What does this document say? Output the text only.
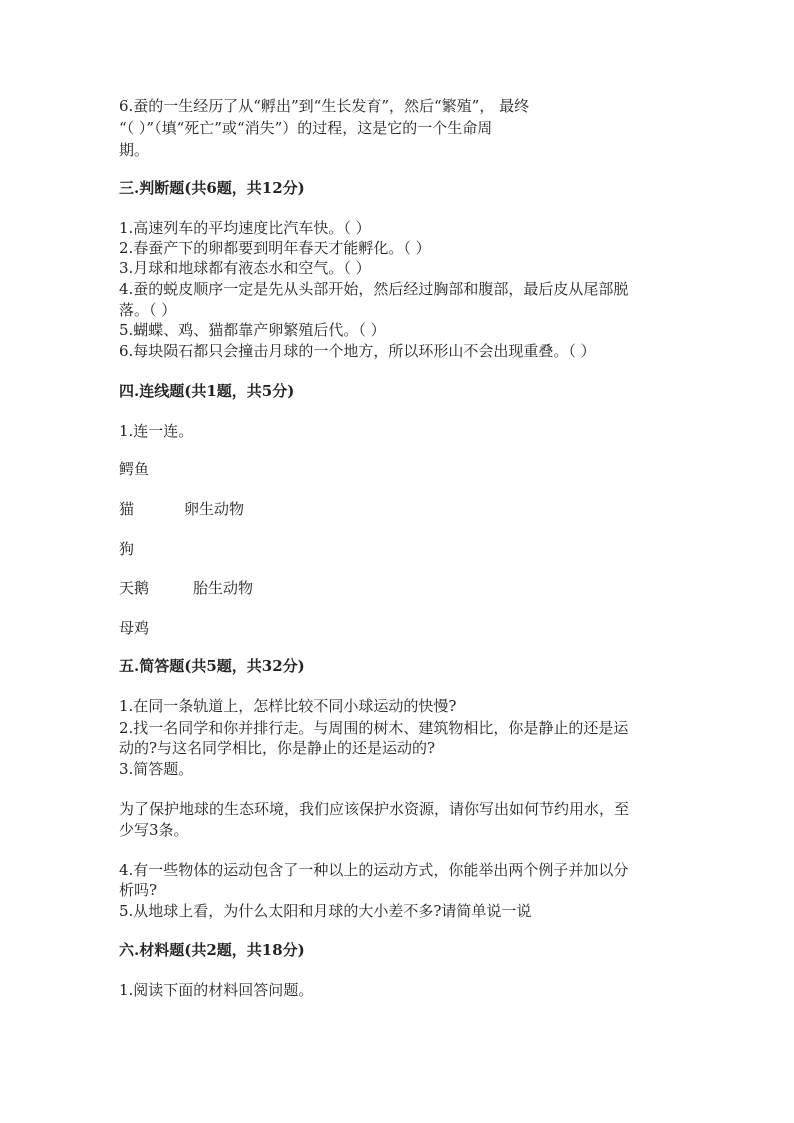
6.蚕的一生经历了从“孵出”到“生长发育”，然后“繁殖”， 最终
“（ ）”（填“死亡”或“消失”）的过程，这是它的一个生命周
期。
三.判断题(共6题，共12分)
1.高速列车的平均速度比汽车快。（ ）
2.春蚕产下的卵都要到明年春天才能孵化。（ ）
3.月球和地球都有液态水和空气。（ ）
4.蚕的蜕皮顺序一定是先从头部开始，然后经过胸部和腹部，最后皮从尾部脱
落。（ ）
5.蝴蝶、鸡、猫都靠产卵繁殖后代。（ ）
6.每块陨石都只会撞击月球的一个地方，所以环形山不会出现重叠。（ ）
四.连线题(共1题，共5分)
1.连一连。
鳄鱼
猫	卵生动物
狗
天鹅	胎生动物
母鸡
五.简答题(共5题，共32分)
1.在同一条轨道上，怎样比较不同小球运动的快慢?
2.找一名同学和你并排行走。与周围的树木、建筑物相比，你是静止的还是运
动的?与这名同学相比，你是静止的还是运动的?
3.简答题。
为了保护地球的生态环境，我们应该保护水资源，请你写出如何节约用水，至
少写3条。
4.有一些物体的运动包含了一种以上的运动方式，你能举出两个例子并加以分
析吗?
5.从地球上看，为什么太阳和月球的大小差不多?请简单说一说
六.材料题(共2题，共18分)
1.阅读下面的材料回答问题。
